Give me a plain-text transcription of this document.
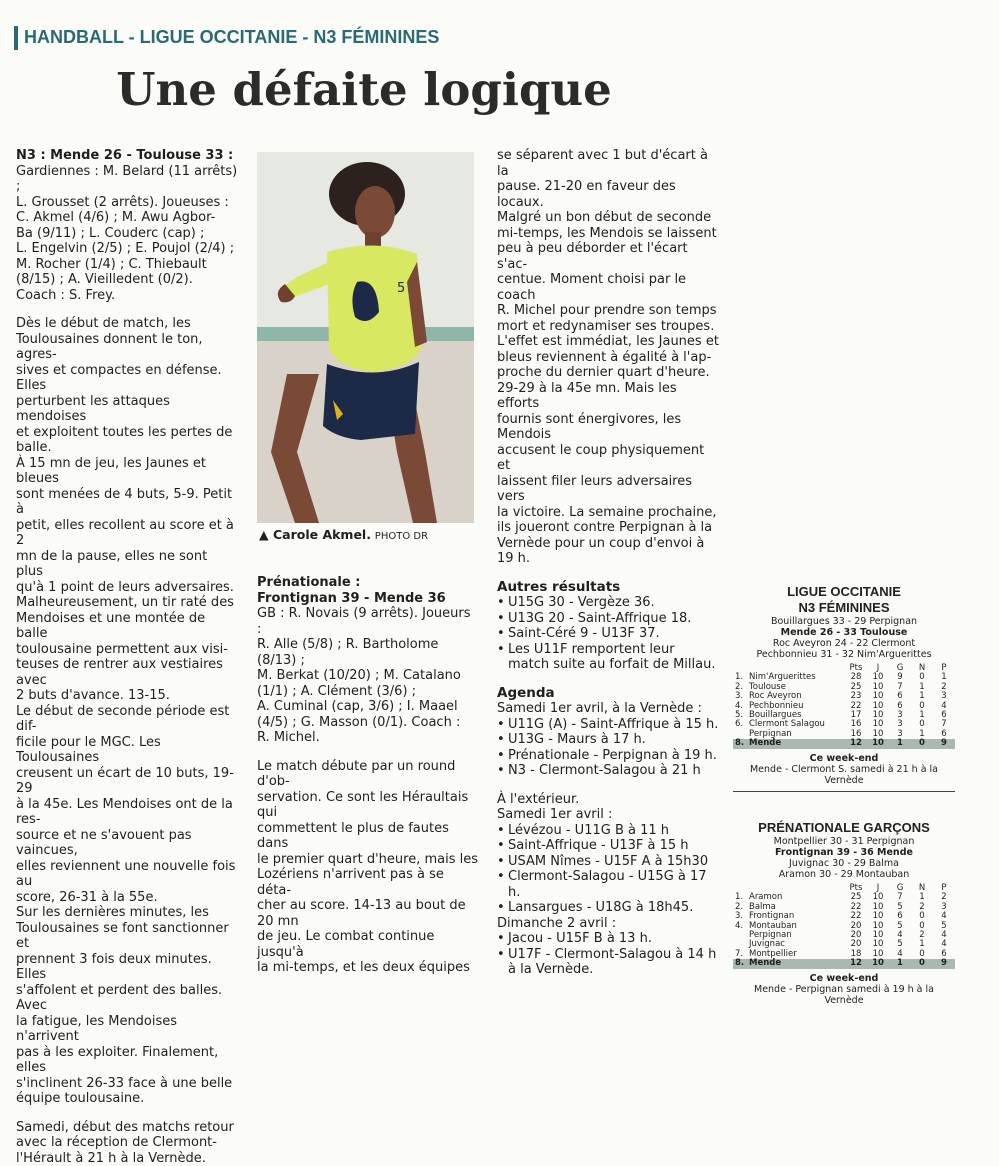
HANDBALL - LIGUE OCCITANIE - N3 FÉMININES
Une défaite logique

N3 : Mende 26 - Toulouse 33 :

Gardiennes : M. Belard (11 arrêts) ;
L. Grousset (2 arrêts). Joueuses :
C. Akmel (4/6) ; M. Awu Agbor-
Ba (9/11) ; L. Couderc (cap) ;
L. Engelvin (2/5) ; E. Poujol (2/4) ;
M. Rocher (1/4) ; C. Thiebault
(8/15) ; A. Vieilledent (0/2).
Coach : S. Frey.
Dès le début de match, les
Toulousaines donnent le ton, agres-
sives et compactes en défense. Elles
perturbent les attaques mendoises
et exploitent toutes les pertes de
balle.
À 15 mn de jeu, les Jaunes et bleues
sont menées de 4 buts, 5-9. Petit à
petit, elles recollent au score et à 2
mn de la pause, elles ne sont plus
qu'à 1 point de leurs adversaires.
Malheureusement, un tir raté des
Mendoises et une montée de balle
toulousaine permettent aux visi-
teuses de rentrer aux vestiaires avec
2 buts d'avance. 13-15.
Le début de seconde période est dif-
ficile pour le MGC. Les Toulousaines
creusent un écart de 10 buts, 19-29
à la 45e. Les Mendoises ont de la res-
source et ne s'avouent pas vaincues,
elles reviennent une nouvelle fois au
score, 26-31 à la 55e.
Sur les dernières minutes, les
Toulousaines se font sanctionner et
prennent 3 fois deux minutes. Elles
s'affolent et perdent des balles. Avec
la fatigue, les Mendoises n'arrivent
pas à les exploiter. Finalement, elles
s'inclinent 26-33 face à une belle
équipe toulousaine.
Samedi, début des matchs retour
avec la réception de Clermont-
l'Hérault à 21 h à la Vernède.
5
▲ Carole Akmel. PHOTO DR

Prénationale :

Frontignan 39 - Mende 36

GB : R. Novais (9 arrêts). Joueurs :
R. Alle (5/8) ; R. Bartholome (8/13) ;
M. Berkat (10/20) ; M. Catalano
(1/1) ; A. Clément (3/6) ;
A. Cuminal (cap, 3/6) ; I. Maael
(4/5) ; G. Masson (0/1). Coach :
R. Michel.
Le match débute par un round d'ob-
servation. Ce sont les Héraultais qui
commettent le plus de fautes dans
le premier quart d'heure, mais les
Lozériens n'arrivent pas à se déta-
cher au score. 14-13 au bout de 20 mn
de jeu. Le combat continue jusqu'à
la mi-temps, et les deux équipes
se séparent avec 1 but d'écart à la
pause. 21-20 en faveur des locaux.
Malgré un bon début de seconde
mi-temps, les Mendois se laissent
peu à peu déborder et l'écart s'ac-
centue. Moment choisi par le coach
R. Michel pour prendre son temps
mort et redynamiser ses troupes.
L'effet est immédiat, les Jaunes et
bleus reviennent à égalité à l'ap-
proche du dernier quart d'heure.
29-29 à la 45e mn. Mais les efforts
fournis sont énergivores, les Mendois
accusent le coup physiquement et
laissent filer leurs adversaires vers
la victoire. La semaine prochaine,
ils joueront contre Perpignan à la
Vernède pour un coup d'envoi à
19 h.

Autres résultats

• U15G 30 - Vergèze 36.
• U13G 20 - Saint-Affrique 18.
• Saint-Céré 9 - U13F 37.
• Les U11F remportent leur match suite au forfait de Millau.

Agenda

Samedi 1er avril, à la Vernède :

• U11G (A) - Saint-Affrique à 15 h.
• U13G - Maurs à 17 h.
• Prénationale - Perpignan à 19 h.
• N3 - Clermont-Salagou à 21 h

À l'extérieur.

Samedi 1er avril :

• Lévézou - U11G B à 11 h
• Saint-Affrique - U13F à 15 h
• USAM Nîmes - U15F A à 15h30
• Clermont-Salagou - U15G à 17 h.
• Lansargues - U18G à 18h45.

Dimanche 2 avril :

• Jacou - U15F B à 13 h.
• U17F - Clermont-Salagou à 14 h à la Vernède.
LIGUE OCCITANIE
N3 FÉMININES
Bouillargues 33 - 29 Perpignan
Mende 26 - 33 Toulouse
Roc Aveyron 24 - 22 Clermont
Pechbonnieu 31 - 32 Nim'Arguerittes
		Pts	J	G	N	P
1.	Nim'Arguerittes	28	10	9	0	1
2.	Toulouse	25	10	7	1	2
3.	Roc Aveyron	23	10	6	1	3
4.	Pechbonnieu	22	10	6	0	4
5.	Bouillargues	17	10	3	1	6
6.	Clermont Salagou	16	10	3	0	7
	Perpignan	16	10	3	1	6
8.	Mende	12	10	1	0	9
Ce week-end
Mende - Clermont S. samedi à 21 h à la Vernède
PRÉNATIONALE GARÇONS
Montpellier 30 - 31 Perpignan
Frontignan 39 - 36 Mende
Juvignac 30 - 29 Balma
Aramon 30 - 29 Montauban
		Pts	J	G	N	P
1.	Aramon	25	10	7	1	2
2.	Balma	22	10	5	2	3
3.	Frontignan	22	10	6	0	4
4.	Montauban	20	10	5	0	5
	Perpignan	20	10	4	2	4
	Juvignac	20	10	5	1	4
7.	Montpellier	18	10	4	0	6
8.	Mende	12	10	1	0	9
Ce week-end
Mende - Perpignan samedi à 19 h à la Vernède
